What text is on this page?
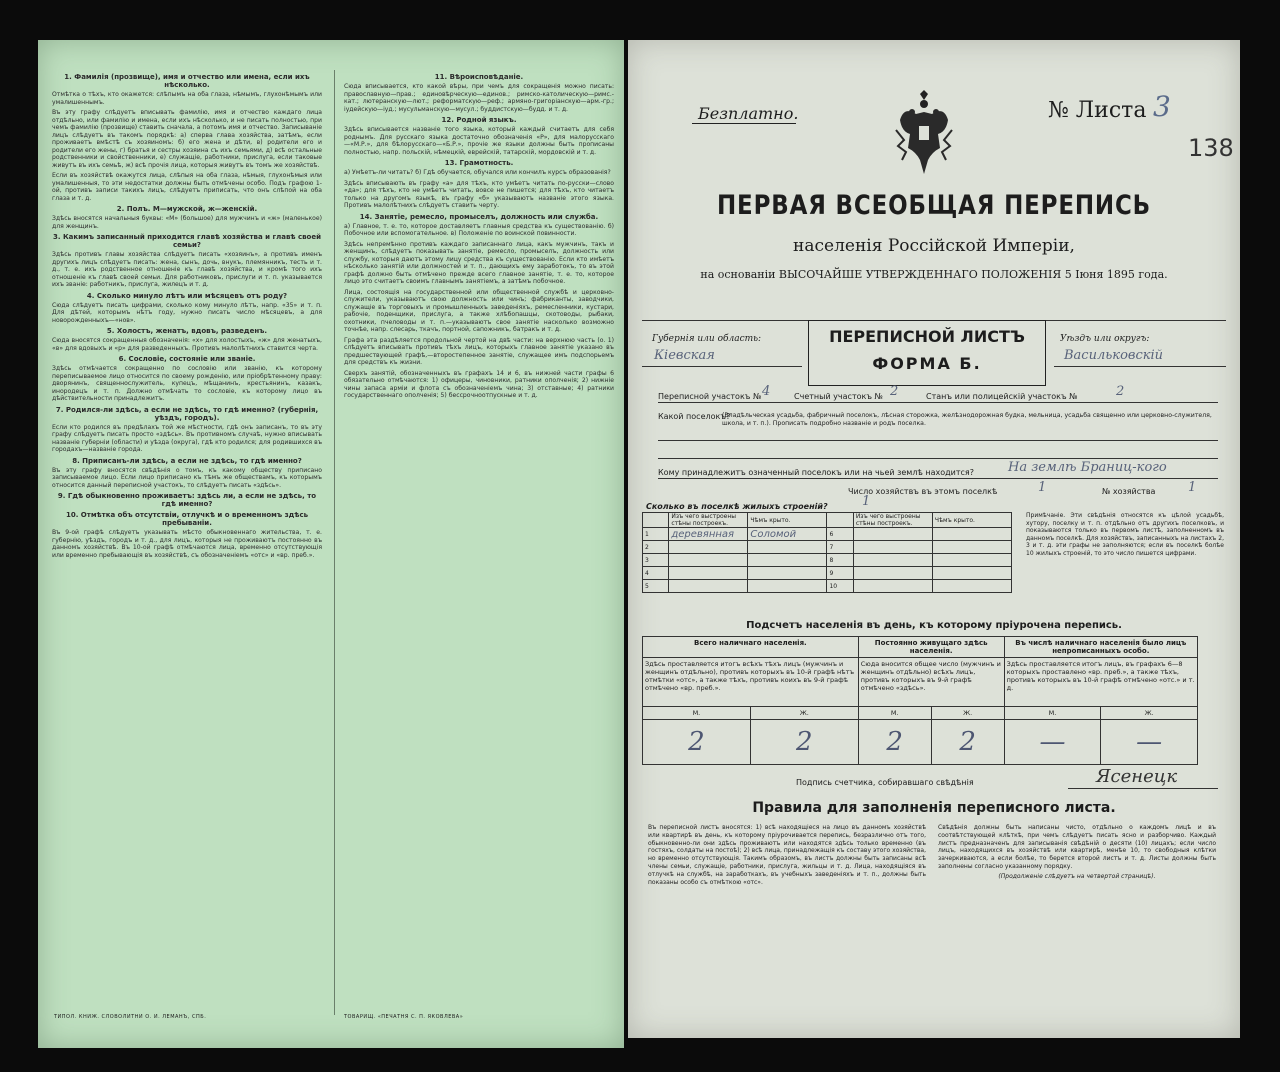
1. Фамилія (прозвище), имя и отчество или имена, если ихъ нѣсколько.

Отмѣтка о тѣхъ, кто окажется: слѣпымъ на оба глаза, нѣмымъ, глухонѣмымъ или умалишеннымъ.

Въ эту графу слѣдуетъ вписывать фамилію, имя и отчество каждаго лица отдѣльно, или фамилію и имена, если ихъ нѣсколько, и не писать полностью, при чемъ фамилію (прозвище) ставить сначала, а потомъ имя и отчество. Записываніе лицъ слѣдуетъ въ такомъ порядкѣ: а) сперва глава хозяйства, затѣмъ, если проживаетъ вмѣстѣ съ хозяиномъ: б) его жена и дѣти, в) родители его и родители его жены, г) братья и сестры хозяина съ ихъ семьями, д) всѣ остальные родственники и свойственники, е) служащіе, работники, прислуга, если таковые живутъ въ ихъ семьѣ, ж) всѣ прочія лица, которыя живутъ въ томъ же хозяйствѣ.

Если въ хозяйствѣ окажутся лица, слѣпыя на оба глаза, нѣмыя, глухонѣмыя или умалишенныя, то эти недостатки должны быть отмѣчены особо. Подъ графою 1-ой, противъ записи такихъ лицъ, слѣдуетъ приписать, что онъ слѣпой на оба глаза и т. д.

2. Полъ. М—мужской, ж—женскій.

Здѣсь вносятся начальныя буквы: «М» (большое) для мужчинъ и «ж» (маленькое) для женщинъ.

3. Какимъ записанный приходится главѣ хозяйства и главѣ своей семьи?

Здѣсь противъ главы хозяйства слѣдуетъ писать «хозяинъ», а противъ именъ другихъ лицъ слѣдуетъ писать: жена, сынъ, дочь, внукъ, племянникъ, тесть и т. д., т. е. ихъ родственное отношеніе къ главѣ хозяйства, и кромѣ того ихъ отношеніе къ главѣ своей семьи. Для работниковъ, прислуги и т. п. указывается ихъ званіе: работникъ, прислуга, жилецъ и т. д.

4. Сколько минуло лѣтъ или мѣсяцевъ отъ роду?

Сюда слѣдуетъ писать цифрами, сколько кому минуло лѣтъ, напр. «35» и т. п. Для дѣтей, которымъ нѣтъ году, нужно писать число мѣсяцевъ, а для новорожденныхъ—«нов».

5. Холостъ, женатъ, вдовъ, разведенъ.

Сюда вносятся сокращенныя обозначенія: «х» для холостыхъ, «ж» для женатыхъ, «в» для вдовыхъ и «р» для разведенныхъ. Противъ малолѣтнихъ ставится черта.

6. Сословіе, состояніе или званіе.

Здѣсь отмѣчается сокращенно по сословію или званію, къ которому переписываемое лицо относится по своему рожденію, или пріобрѣтенному праву: дворянинъ, священнослужитель, купецъ, мѣщанинъ, крестьянинъ, казакъ, инородецъ и т. п. Должно отмѣчать то сословіе, къ которому лицо въ дѣйствительности принадлежитъ.

7. Родился-ли здѣсь, а если не здѣсь, то гдѣ именно? (губернія, уѣздъ, городъ).

Если кто родился въ предѣлахъ той же мѣстности, гдѣ онъ записанъ, то въ эту графу слѣдуетъ писать просто «здѣсь». Въ противномъ случаѣ, нужно вписывать названіе губерніи (области) и уѣзда (округа), гдѣ кто родился; для родившихся въ городахъ—названіе города.

8. Приписанъ-ли здѣсь, а если не здѣсь, то гдѣ именно?

Въ эту графу вносятся свѣдѣнія о томъ, къ какому обществу приписано записываемое лицо. Если лицо приписано къ тѣмъ же обществамъ, къ которымъ относится данный переписной участокъ, то слѣдуетъ писать «здѣсь».

9. Гдѣ обыкновенно проживаетъ: здѣсь ли, а если не здѣсь, то гдѣ именно?
10. Отмѣтка объ отсутствіи, отлучкѣ и о временномъ здѣсь пребываніи.

Въ 9-ой графѣ слѣдуетъ указывать мѣсто обыкновеннаго жительства, т. е. губернію, уѣздъ, городъ и т. д., для лицъ, которыя не проживаютъ постоянно въ данномъ хозяйствѣ. Въ 10-ой графѣ отмѣчаются лица, временно отсутствующія или временно пребывающія въ хозяйствѣ, съ обозначеніемъ «отс» и «вр. преб.».

11. Вѣроисповѣданіе.

Сюда вписывается, кто какой вѣры, при чемъ для сокращенія можно писать: православную—прав.; единовѣрческую—единов.; римско-католическую—римс.-кат.; лютеранскую—лют.; реформатскую—реф.; армяно-григоріанскую—арм.-гр.; іудейскую—іуд.; мусульманскую—мусул.; буддистскую—будд. и т. д.

12. Родной языкъ.

Здѣсь вписывается названіе того языка, который каждый считаетъ для себя роднымъ. Для русскаго языка достаточно обозначенія «Р», для малорусскаго—«М.Р.», для бѣлорусскаго—«Б.Р.», прочіе же языки должны быть прописаны полностью, напр. польскій, нѣмецкій, еврейскій, татарскій, мордовскій и т. д.

13. Грамотность.

а) Умѣетъ-ли читать? б) Гдѣ обучается, обучался или кончилъ курсъ образованія?

Здѣсь вписывають въ графу «а» для тѣхъ, кто умѣетъ читать по-русски—слово «да»; для тѣхъ, кто не умѣетъ читать, вовсе не пишется; для тѣхъ, кто читаетъ только на другомъ языкѣ, въ графу «б» указываютъ названіе этого языка. Противъ малолѣтнихъ слѣдуетъ ставить черту.

14. Занятіе, ремесло, промыселъ, должность или служба.

а) Главное, т. е. то, которое доставляетъ главныя средства къ существованію. б) Побочное или вспомогательное. в) Положеніе по воинской повинности.

Здѣсь непремѣнно противъ каждаго записаннаго лица, какъ мужчинъ, такъ и женщинъ, слѣдуетъ показывать занятіе, ремесло, промыселъ, должность или службу, которыя даютъ этому лицу средства къ существованію. Если кто имѣетъ нѣсколько занятій или должностей и т. п., дающихъ ему заработокъ, то въ этой графѣ должно быть отмѣчено прежде всего главное занятіе, т. е. то, которое лицо это считаетъ своимъ главнымъ занятіемъ, а затѣмъ побочное.

Лица, состоящія на государственной или общественной службѣ и церковно-служители, указываютъ свою должность или чинъ; фабриканты, заводчики, служащіе въ торговыхъ и промышленныхъ заведеніяхъ, ремесленники, кустари, рабочіе, поденщики, прислуга, а также хлѣбопашцы, скотоводы, рыбаки, охотники, пчеловоды и т. п.—указываютъ свое занятіе насколько возможно точнѣе, напр. слесарь, ткачъ, портной, сапожникъ, батракъ и т. д.

Графа эта раздѣляется продольной чертой на двѣ части: на верхнюю часть (о. 1) слѣдуетъ вписывать противъ тѣхъ лицъ, которыхъ главное занятіе указано въ предшествующей графѣ,—второстепенное занятіе, служащее имъ подспорьемъ для средствъ къ жизни.

Сверхъ занятій, обозначенныхъ въ графахъ 14 и 6, въ нижней части графы 6 обязательно отмѣчаются: 1) офицеры, чиновники, ратники ополченія; 2) нижніе чины запаса арміи и флота съ обозначеніемъ чина; 3) отставные; 4) ратники государственнаго ополченія; 5) бессрочноотпускные и т. д.

ТИПОЛ. КНИЖ. СЛОВОЛИТНИ О. И. ЛЕМАНЪ, СПБ.	ТОВАРИЩ. «ПЕЧАТНЯ С. П. ЯКОВЛЕВА»
Безплатно.	№ Листа 3
138
ПЕРВАЯ ВСЕОБЩАЯ ПЕРЕПИСЬ
населенія Россійской Имперіи,
на основаніи ВЫСОЧАЙШЕ УТВЕРЖДЕННАГО ПОЛОЖЕНІЯ 5 Іюня 1895 года.
Губернія или область:
Кіевская
ПЕРЕПИСНОЙ ЛИСТЪ
ФОРМА Б.
Уѣздъ или округъ:
Васильковскій
Переписной участокъ № 4	Счетный участокъ № 2	Станъ или полицейскій участокъ №	2
Какой поселокъ?
(Владѣльческая усадьба, фабричный поселокъ, лѣсная сторожка, желѣзнодорожная будка, мельница, усадьба священно или церковно-служителя, школа, и т. п.). Прописать подробно названіе и родъ поселка.
Кому принадлежитъ означенный поселокъ или на чьей землѣ находится?	На землѣ Браниц-кого
Число хозяйствъ въ этомъ поселкѣ	1	№ хозяйства	1
Сколько въ поселкѣ жилыхъ строеній?	1
	Изъ чего выстроены стѣны построекъ.	Чѣмъ крыто.		Изъ чего выстроены стѣны построекъ.	Чѣмъ крыто.
1	деревянная	Соломой	6		
2			7		
3			8		
4			9		
5			10		
Примѣчаніе. Эти свѣдѣнія относятся къ цѣлой усадьбѣ, хутору, поселку и т. п. отдѣльно отъ другихъ поселковъ, и показываются только въ первомъ листѣ, заполненномъ въ данномъ поселкѣ. Для хозяйствъ, записанныхъ на листахъ 2, 3 и т. д. эти графы не заполняются; если въ поселкѣ болѣе 10 жилыхъ строеній, то это число пишется цифрами.
Подсчетъ населенія въ день, къ которому пріурочена перепись.
Всего наличнаго населенія.		Постоянно живущаго здѣсь населенія.		Въ числѣ наличнаго населенія было лицъ непрописанныхъ особо.	
Здѣсь проставляется итогъ всѣхъ тѣхъ лицъ (мужчинъ и женщинъ отдѣльно), противъ которыхъ въ 10-й графѣ нѣтъ отмѣтки «отс», а также тѣхъ, противъ коихъ въ 9-й графѣ отмѣчено «вр. преб.».		Сюда вносится общее число (мужчинъ и женщинъ отдѣльно) всѣхъ лицъ, противъ которыхъ въ 9-й графѣ отмѣчено «здѣсь».		Здѣсь проставляется итогъ лицъ, въ графахъ 6—8 которыхъ проставлено «вр. преб.», а также тѣхъ, противъ которыхъ въ 10-й графѣ отмѣчено «отс.» и т. д.	
М.	Ж.	М.	Ж.	М.	Ж.
2	2	2	2	—	—
Подпись счетчика, собиравшаго свѣдѣнія	Ясенецк
Правила для заполненія переписного листа.

Въ переписной листъ вносятся: 1) всѣ находящіеся на лицо въ данномъ хозяйствѣ или квартирѣ въ день, къ которому пріурочивается перепись, безразлично отъ того, обыкновенно-ли они здѣсь проживаютъ или находятся здѣсь только временно (въ гостяхъ, солдаты на постоѣ); 2) всѣ лица, принадлежащія къ составу этого хозяйства, но временно отсутствующія. Такимъ образомъ, въ листъ должны быть записаны всѣ члены семьи, служащіе, работники, прислуга, жильцы и т. д. Лица, находящіяся въ отлучкѣ на службѣ, на заработкахъ, въ учебныхъ заведеніяхъ и т. п., должны быть показаны особо съ отмѣткою «отс».

Свѣдѣнія должны быть написаны чисто, отдѣльно о каждомъ лицѣ и въ соотвѣтствующей клѣткѣ, при чемъ слѣдуетъ писать ясно и разборчиво. Каждый листъ предназначенъ для записыванія свѣдѣній о десяти (10) лицахъ; если число лицъ, находящихся въ хозяйствѣ или квартирѣ, менѣе 10, то свободныя клѣтки зачеркиваются, а если болѣе, то берется второй листъ и т. д. Листы должны быть заполнены согласно указанному порядку.

(Продолженіе слѣдуетъ на четвертой страницѣ).
